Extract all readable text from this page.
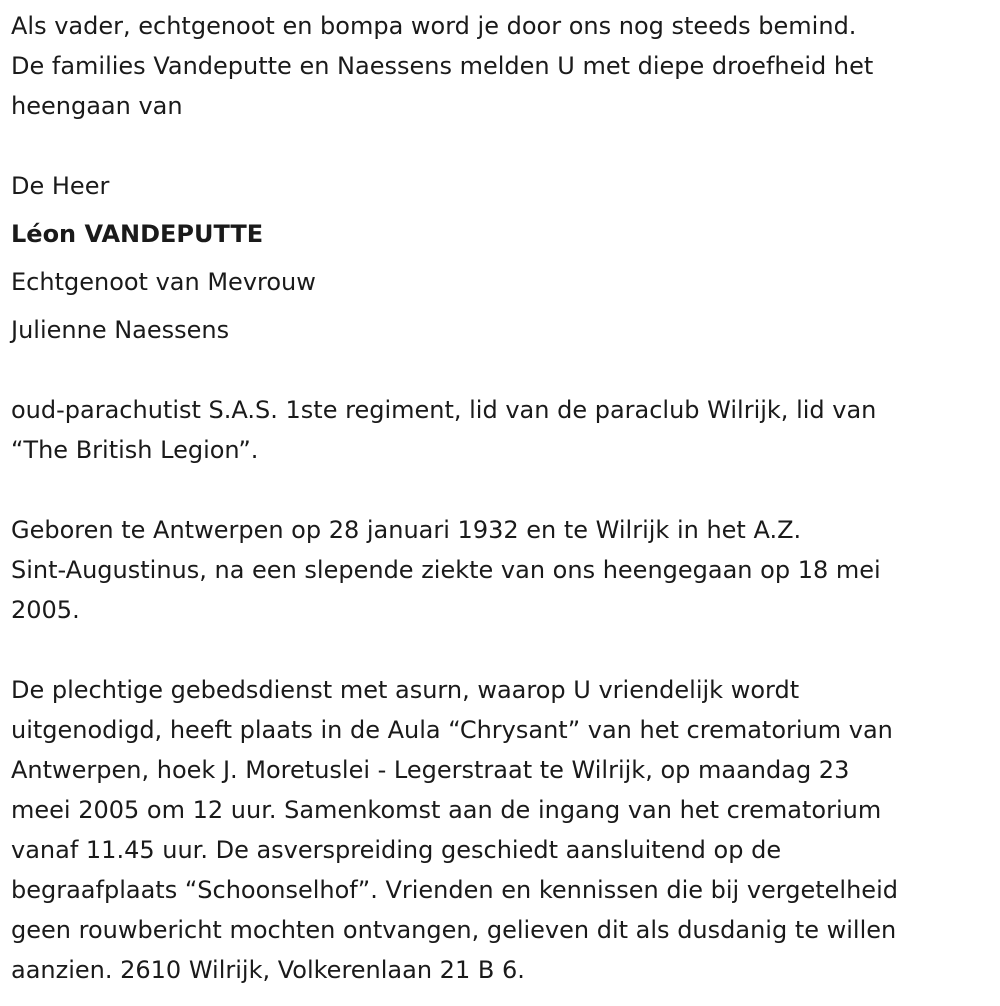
Als vader, echtgenoot en bompa word je door ons nog steeds bemind.
De families Vandeputte en Naessens melden U met diepe droefheid het
heengaan van
De Heer
Léon VANDEPUTTE
Echtgenoot van Mevrouw
Julienne Naessens
oud-parachutist S.A.S. 1ste regiment, lid van de paraclub Wilrijk, lid van
“The British Legion”.
Geboren te Antwerpen op 28 januari 1932 en te Wilrijk in het A.Z.
Sint-Augustinus, na een slepende ziekte van ons heengegaan op 18 mei
2005.
De plechtige gebedsdienst met asurn, waarop U vriendelijk wordt
uitgenodigd, heeft plaats in de Aula “Chrysant” van het crematorium van
Antwerpen, hoek J. Moretuslei - Legerstraat te Wilrijk, op maandag 23
meei 2005 om 12 uur. Samenkomst aan de ingang van het crematorium
vanaf 11.45 uur. De asverspreiding geschiedt aansluitend op de
begraafplaats “Schoonselhof”. Vrienden en kennissen die bij vergetelheid
geen rouwbericht mochten ontvangen, gelieven dit als dusdanig te willen
aanzien. 2610 Wilrijk, Volkerenlaan 21 B 6.
